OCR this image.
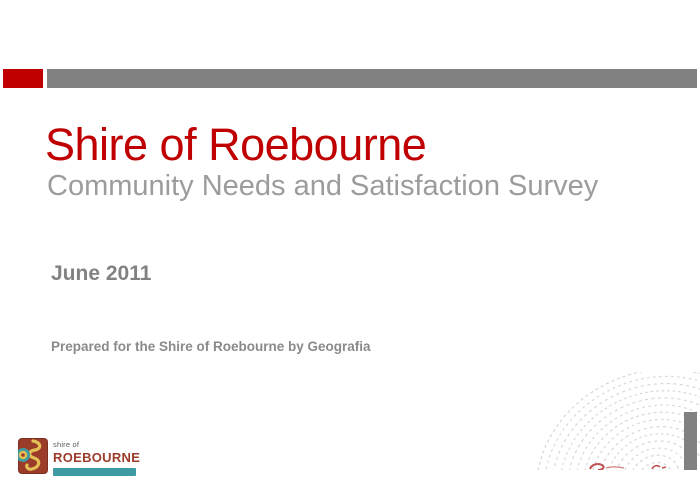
Shire of Roebourne
Community Needs and Satisfaction Survey
June 2011
Prepared for the Shire of Roebourne by Geografia
shire of
ROEBOURNE
